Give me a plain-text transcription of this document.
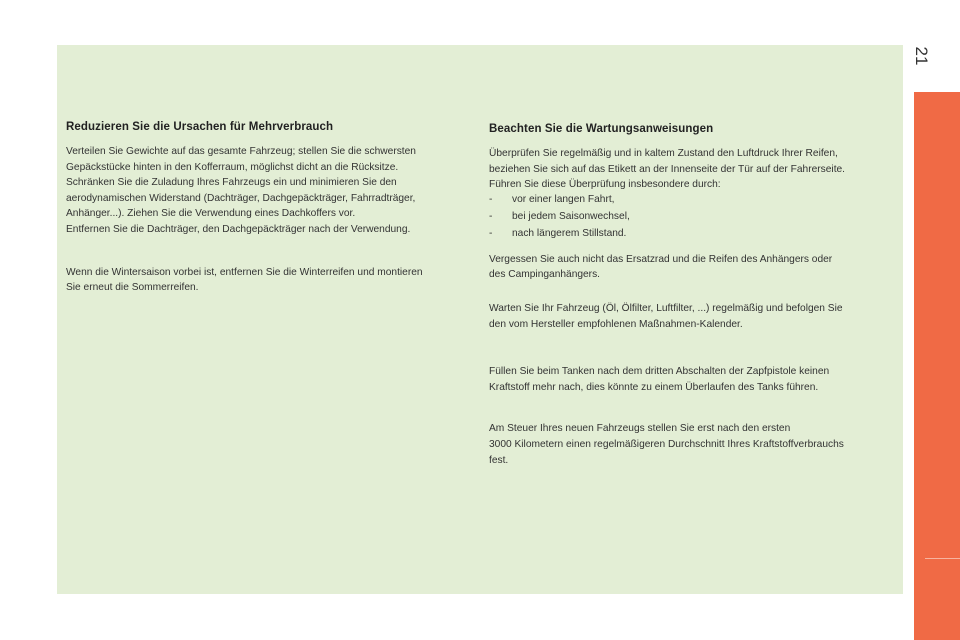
Reduzieren Sie die Ursachen für Mehrverbrauch

Verteilen Sie Gewichte auf das gesamte Fahrzeug; stellen Sie die schwersten
Gepäckstücke hinten in den Kofferraum, möglichst dicht an die Rücksitze.
Schränken Sie die Zuladung Ihres Fahrzeugs ein und minimieren Sie den
aerodynamischen Widerstand (Dachträger, Dachgepäckträger, Fahrradträger,
Anhänger...). Ziehen Sie die Verwendung eines Dachkoffers vor.
Entfernen Sie die Dachträger, den Dachgepäckträger nach der Verwendung.

Wenn die Wintersaison vorbei ist, entfernen Sie die Winterreifen und montieren
Sie erneut die Sommerreifen.

Beachten Sie die Wartungsanweisungen

Überprüfen Sie regelmäßig und in kaltem Zustand den Luftdruck Ihrer Reifen,
beziehen Sie sich auf das Etikett an der Innenseite der Tür auf der Fahrerseite.
Führen Sie diese Überprüfung insbesondere durch:

- vor einer langen Fahrt,
- bei jedem Saisonwechsel,
- nach längerem Stillstand.

Vergessen Sie auch nicht das Ersatzrad und die Reifen des Anhängers oder
des Campinganhängers.

Warten Sie Ihr Fahrzeug (Öl, Ölfilter, Luftfilter, ...) regelmäßig und befolgen Sie
den vom Hersteller empfohlenen Maßnahmen-Kalender.

Füllen Sie beim Tanken nach dem dritten Abschalten der Zapfpistole keinen
Kraftstoff mehr nach, dies könnte zu einem Überlaufen des Tanks führen.

Am Steuer Ihres neuen Fahrzeugs stellen Sie erst nach den ersten
3000 Kilometern einen regelmäßigeren Durchschnitt Ihres Kraftstoffverbrauchs
fest.

21
carmanualsonline.info
